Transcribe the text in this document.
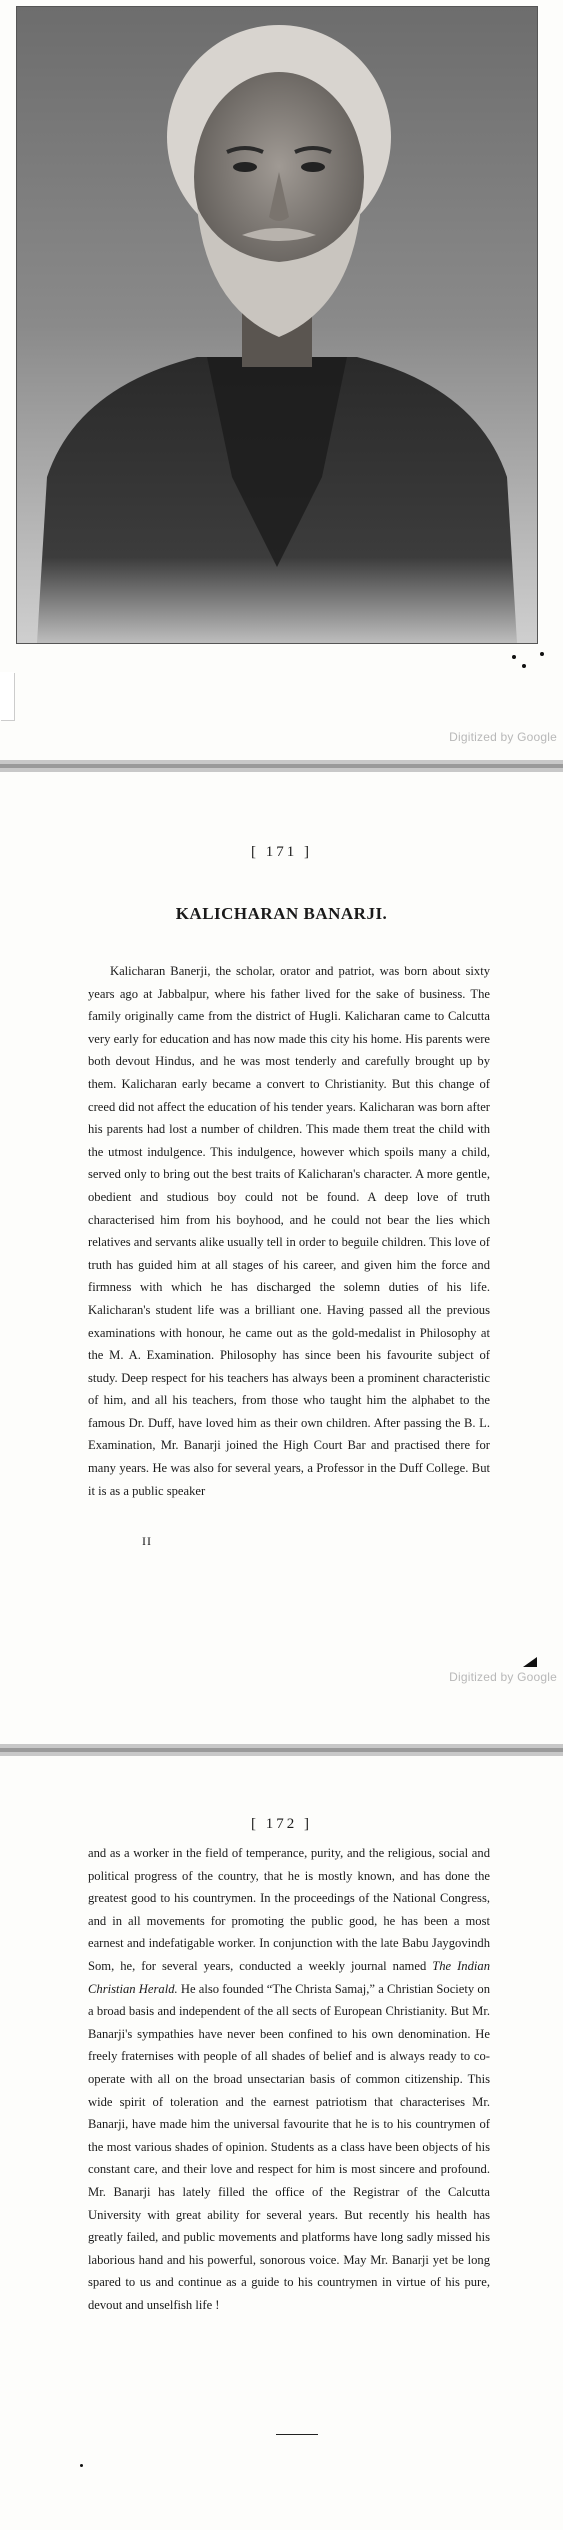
Digitized by Google
[ 171 ]
KALICHARAN BANARJI.

Kalicharan Banerji, the scholar, orator and patriot, was born about sixty years ago at Jabbalpur, where his father lived for the sake of business. The family originally came from the district of Hugli. Kalicharan came to Calcutta very early for education and has now made this city his home. His parents were both devout Hindus, and he was most tenderly and carefully brought up by them. Kalicharan early became a convert to Christianity. But this change of creed did not affect the education of his tender years. Kalicharan was born after his parents had lost a number of children. This made them treat the child with the utmost indulgence. This indulgence, however which spoils many a child, served only to bring out the best traits of Kalicharan's character. A more gentle, obedient and studious boy could not be found. A deep love of truth characterised him from his boyhood, and he could not bear the lies which relatives and servants alike usually tell in order to beguile children. This love of truth has guided him at all stages of his career, and given him the force and firmness with which he has discharged the solemn duties of his life. Kalicharan's student life was a brilliant one. Having passed all the previous examinations with honour, he came out as the gold-medalist in Philosophy at the M. A. Examination. Philosophy has since been his favourite subject of study. Deep respect for his teachers has always been a prominent characteristic of him, and all his teachers, from those who taught him the alphabet to the famous Dr. Duff, have loved him as their own children. After passing the B. L. Examination, Mr. Banarji joined the High Court Bar and practised there for many years. He was also for several years, a Professor in the Duff College. But it is as a public speaker

II
Digitized by Google
[ 172 ]

and as a worker in the field of temperance, purity, and the religious, social and political progress of the country, that he is mostly known, and has done the greatest good to his countrymen. In the proceedings of the National Congress, and in all movements for promoting the public good, he has been a most earnest and indefatigable worker. In conjunction with the late Babu Jaygovindh Som, he, for several years, conducted a weekly journal named The Indian Christian Herald. He also founded “The Christa Samaj,” a Christian Society on a broad basis and independent of the all sects of European Christianity. But Mr. Banarji's sympathies have never been confined to his own denomination. He freely fraternises with people of all shades of belief and is always ready to co-operate with all on the broad unsectarian basis of common citizenship. This wide spirit of toleration and the earnest patriotism that characterises Mr. Banarji, have made him the universal favourite that he is to his countrymen of the most various shades of opinion. Students as a class have been objects of his constant care, and their love and respect for him is most sincere and profound. Mr. Banarji has lately filled the office of the Registrar of the Calcutta University with great ability for several years. But recently his health has greatly failed, and public movements and platforms have long sadly missed his laborious hand and his powerful, sonorous voice. May Mr. Banarji yet be long spared to us and continue as a guide to his countrymen in virtue of his pure, devout and unselfish life !
